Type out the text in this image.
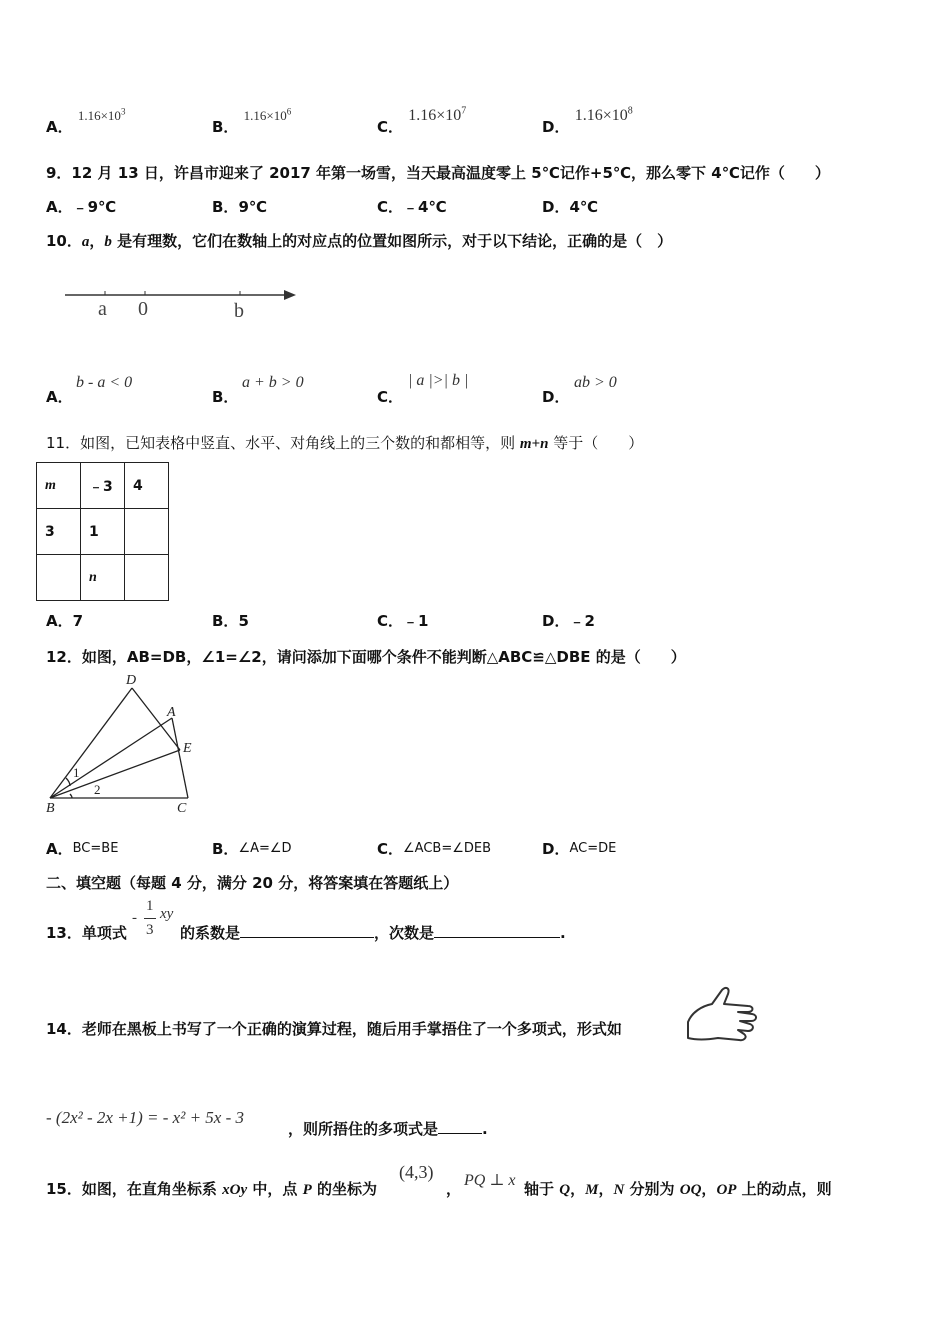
A． $1.16\times 10^3$
B． $1.16\times 10^6$
C． $1.16\times 10^7$
D． $1.16\times 10^8$
9．12 月 13 日，许昌市迎来了 2017 年第一场雪，当天最高温度零上 5℃记作+5℃，那么零下 4℃记作（　　）
A．﹣9℃	B．9℃	C．﹣4℃	D．4℃
10．a，b 是有理数，它们在数轴上的对应点的位置如图所示，对于以下结论，正确的是（　）
a 0	b
A．
b - a < 0
B．
a + b > 0
C．
| a |>| b |
D．
ab > 0
11．如图，已知表格中竖直、水平、对角线上的三个数的和都相等，则 m+n 等于（　　）
m	﹣3	4
3	1	
	n	
A．7	B．5	C．﹣1	D．﹣2
12．如图，AB=DB，∠1=∠2，请问添加下面哪个条件不能判断△ABC≌△DBE 的是（　　）
D
A
E
B	C
1
2
A．BC=BE	B．∠A=∠D	C．∠ACB=∠DEB	D．AC=DE
二、填空题（每题 4 分，满分 20 分，将答案填在答题纸上）
13．单项式
-
1
3
xy
的系数是	，次数是	.
14．老师在黑板上书写了一个正确的演算过程，随后用手掌捂住了一个多项式，形式如
- (2x² - 2x +1) = - x² + 5x - 3
，则所捂住的多项式是	.
15．如图，在直角坐标系 xOy 中，点 P 的坐标为
(4,3)
， PQ ⊥ x 轴于 Q，M，N 分别为 OQ，OP 上的动点，则
